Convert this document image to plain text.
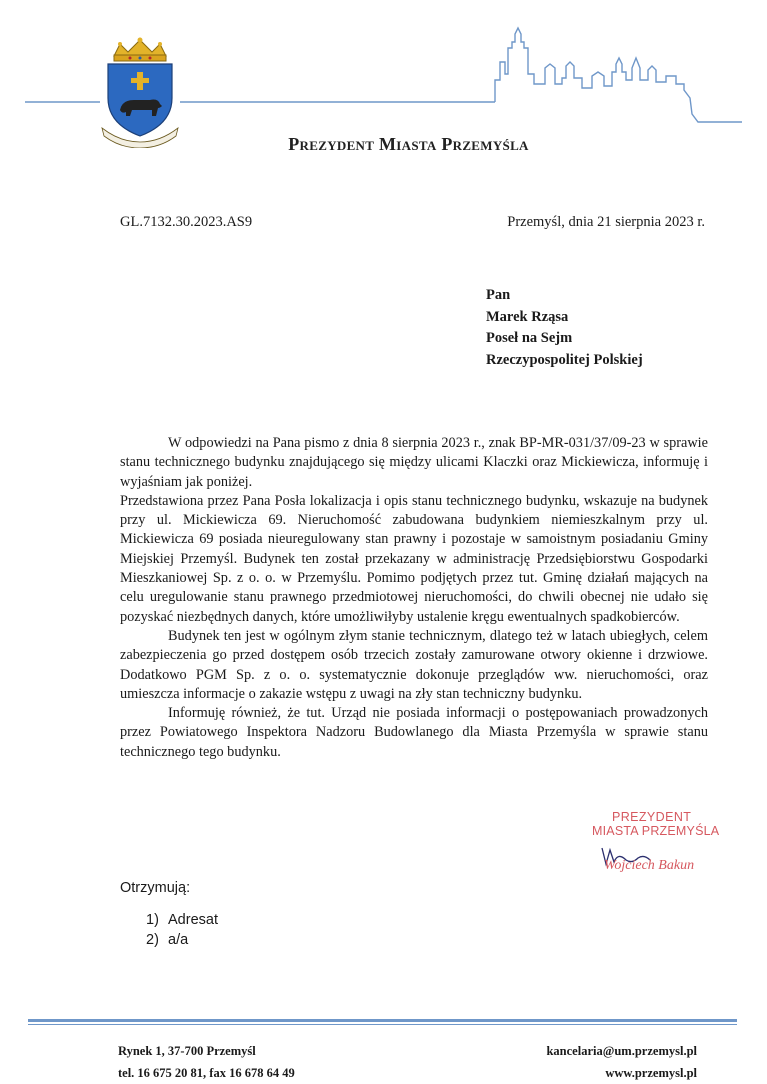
Prezydent Miasta Przemyśla
GL.7132.30.2023.AS9	Przemyśl, dnia 21 sierpnia 2023 r.
Pan
Marek Rząsa
Poseł na Sejm
Rzeczypospolitej Polskiej

W odpowiedzi na Pana pismo z dnia 8 sierpnia 2023 r., znak BP-MR-031/37/09-23 w sprawie stanu technicznego budynku znajdującego się między ulicami Klaczki oraz Mickiewicza, informuję i wyjaśniam jak poniżej.

Przedstawiona przez Pana Posła lokalizacja i opis stanu technicznego budynku, wskazuje na budynek przy ul. Mickiewicza 69. Nieruchomość zabudowana budynkiem niemieszkalnym przy ul. Mickiewicza 69 posiada nieuregulowany stan prawny i pozostaje w samoistnym posiadaniu Gminy Miejskiej Przemyśl. Budynek ten został przekazany w administrację Przedsiębiorstwu Gospodarki Mieszkaniowej Sp. z o. o. w Przemyślu. Pomimo podjętych przez tut. Gminę działań mających na celu uregulowanie stanu prawnego przedmiotowej nieruchomości, do chwili obecnej nie udało się pozyskać niezbędnych danych, które umożliwiłyby ustalenie kręgu ewentualnych spadkobierców.

Budynek ten jest w ogólnym złym stanie technicznym, dlatego też w latach ubiegłych, celem zabezpieczenia go przed dostępem osób trzecich zostały zamurowane otwory okienne i drzwiowe. Dodatkowo PGM Sp. z o. o. systematycznie dokonuje przeglądów ww. nieruchomości, oraz umieszcza informacje o zakazie wstępu z uwagi na zły stan techniczny budynku.

Informuję również, że tut. Urząd nie posiada informacji o postępowaniach prowadzonych przez Powiatowego Inspektora Nadzoru Budowlanego dla Miasta Przemyśla w sprawie stanu technicznego tego budynku.

PREZYDENT
MIASTA PRZEMYŚLA
Wojciech Bakun
Otrzymują:
1) Adresat
2) a/a
Rynek 1, 37-700 Przemyśl
tel. 16 675 20 81, fax 16 678 64 49
kancelaria@um.przemysl.pl
www.przemysl.pl
